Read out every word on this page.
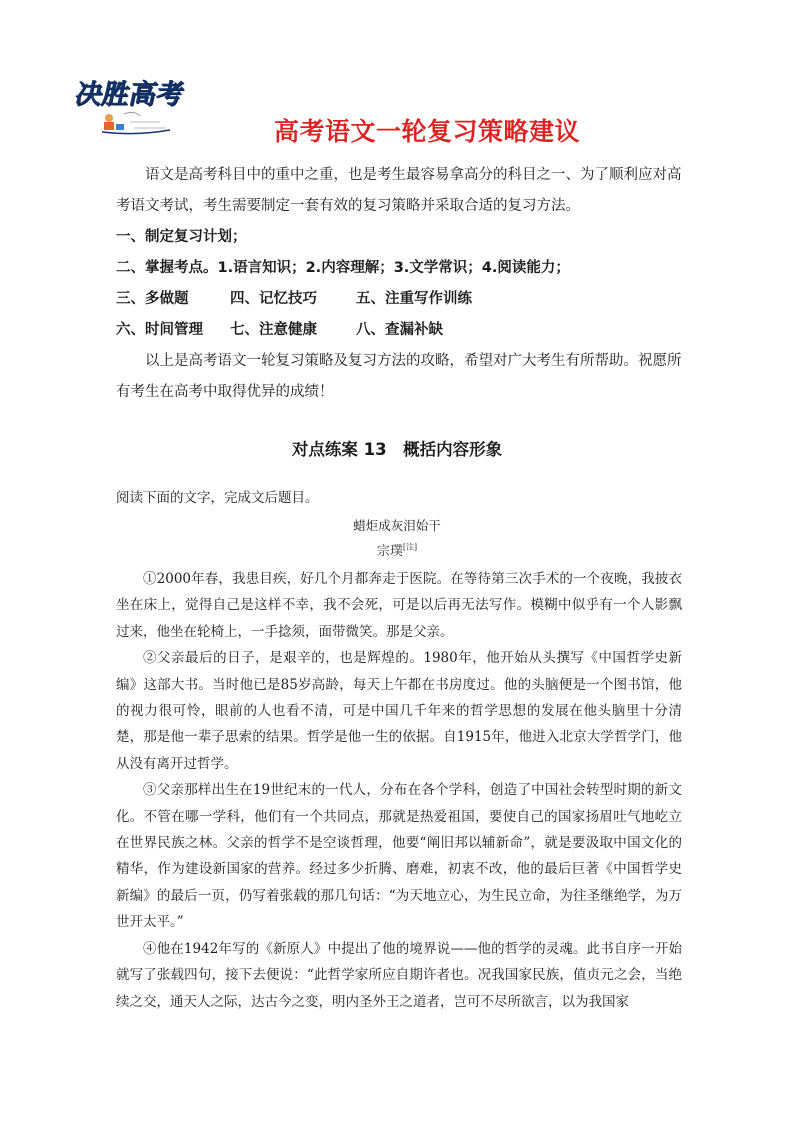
决胜高考
高考语文一轮复习策略建议

语文是高考科目中的重中之重，也是考生最容易拿高分的科目之一、为了顺利应对高考语文考试，考生需要制定一套有效的复习策略并采取合适的复习方法。

一、制定复习计划；

二、掌握考点。1.语言知识；2.内容理解；3.文学常识；4.阅读能力；

三、多做题	四、记忆技巧	五、注重写作训练

六、时间管理 七、注意健康	八、查漏补缺

以上是高考语文一轮复习策略及复习方法的攻略，希望对广大考生有所帮助。祝愿所有考生在高考中取得优异的成绩！

对点练案 13　概括内容形象
阅读下面的文字，完成文后题目。
蜡炬成灰泪始干
宗璞[注]

①2000年春，我患目疾，好几个月都奔走于医院。在等待第三次手术的一个夜晚，我披衣坐在床上，觉得自己是这样不幸，我不会死，可是以后再无法写作。模糊中似乎有一个人影飘过来，他坐在轮椅上，一手捻须，面带微笑。那是父亲。

②父亲最后的日子，是艰辛的，也是辉煌的。1980年，他开始从头撰写《中国哲学史新编》这部大书。当时他已是85岁高龄，每天上午都在书房度过。他的头脑便是一个图书馆，他的视力很可怜，眼前的人也看不清，可是中国几千年来的哲学思想的发展在他头脑里十分清楚，那是他一辈子思索的结果。哲学是他一生的依据。自1915年，他进入北京大学哲学门，他从没有离开过哲学。

③父亲那样出生在19世纪末的一代人，分布在各个学科，创造了中国社会转型时期的新文化。不管在哪一学科，他们有一个共同点，那就是热爱祖国，要使自己的国家扬眉吐气地屹立在世界民族之林。父亲的哲学不是空谈哲理，他要“阐旧邦以辅新命”，就是要汲取中国文化的精华，作为建设新国家的营养。经过多少折腾、磨难，初衷不改，他的最后巨著《中国哲学史新编》的最后一页，仍写着张载的那几句话：“为天地立心，为生民立命，为往圣继绝学，为万世开太平。”

④他在1942年写的《新原人》中提出了他的境界说——他的哲学的灵魂。此书自序一开始就写了张载四句，接下去便说：“此哲学家所应自期许者也。况我国家民族，值贞元之会，当绝续之交，通天人之际，达古今之变，明内圣外王之道者，岂可不尽所欲言，以为我国家
